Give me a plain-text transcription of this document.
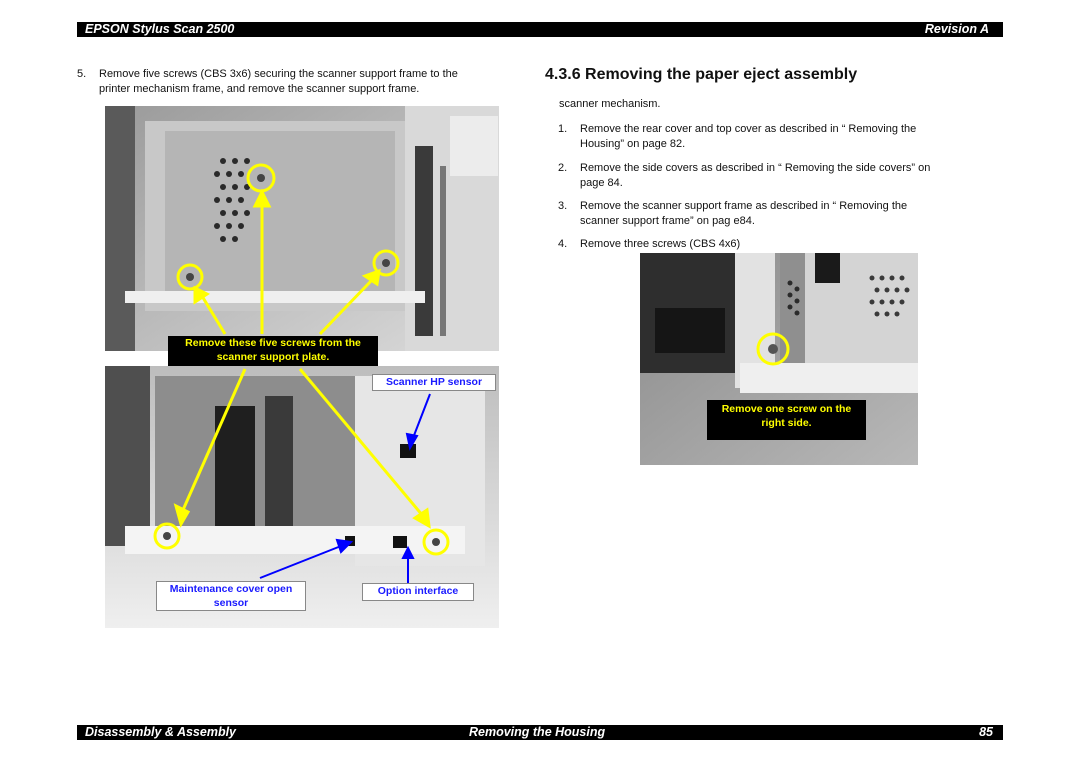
EPSON Stylus Scan 2500	Revision A
5. Remove five screws (CBS 3x6) securing the scanner support frame to the
printer mechanism frame, and remove the scanner support frame.
Remove these five screws from the
scanner support plate.
Scanner HP sensor
Maintenance cover open
sensor
Option interface
4.3.6 Removing the paper eject assembly
scanner mechanism.
1. Remove the rear cover and top cover as described in “ Removing the
Housing” on page 82.
2. Remove the side covers as described in “ Removing the side covers” on
page 84.
3. Remove the scanner support frame as described in “ Removing the
scanner support frame” on pag e84.
4. Remove three screws (CBS 4x6)
Remove one screw on the
right side.
Disassembly & Assembly	Removing the Housing	85
